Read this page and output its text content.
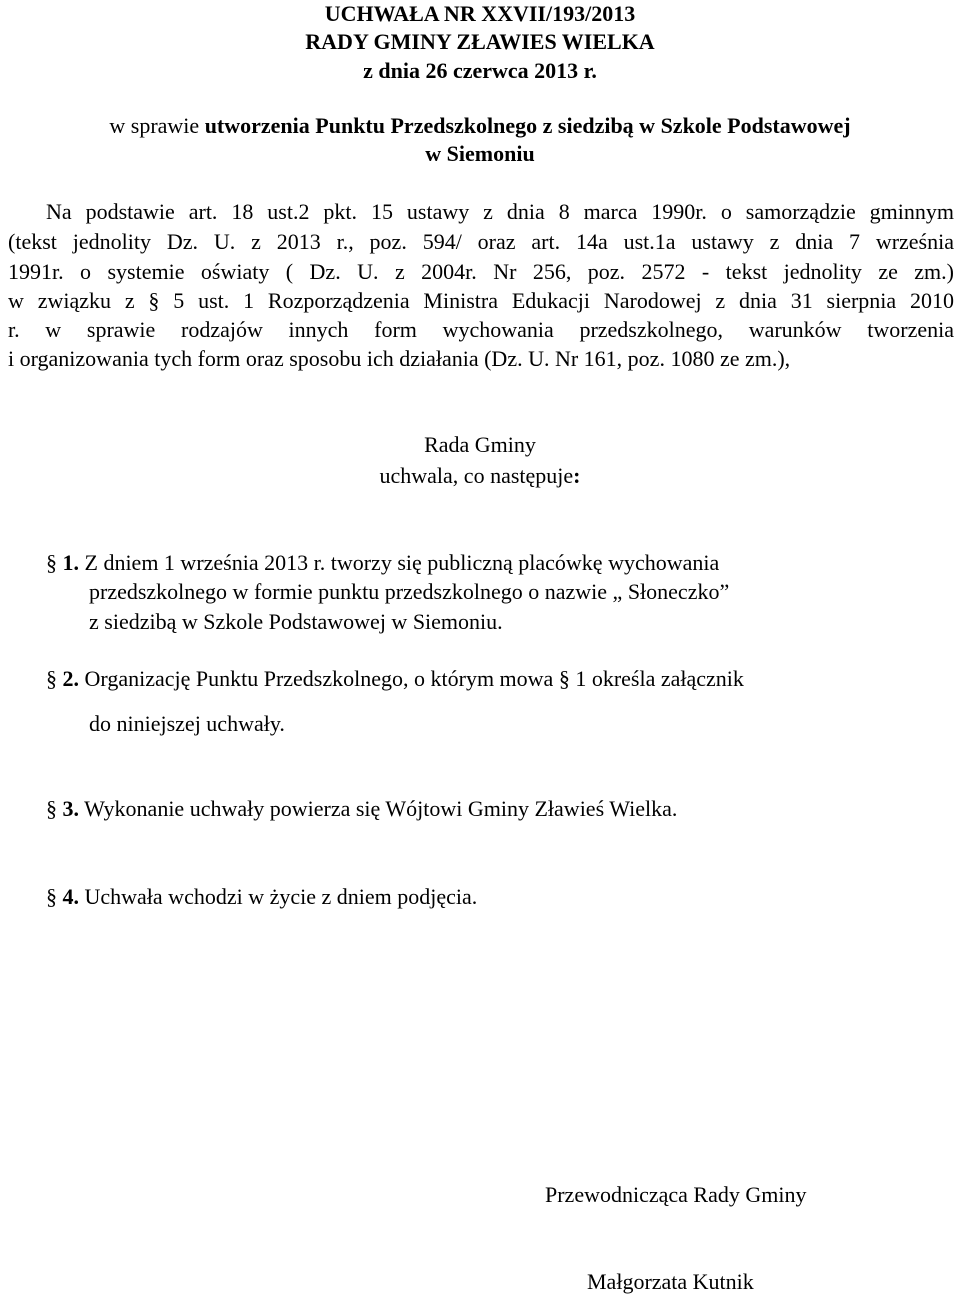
UCHWAŁA NR XXVII/193/2013
RADY GMINY ZŁAWIES WIELKA
z dnia 26 czerwca 2013 r.
w sprawie utworzenia Punktu Przedszkolnego z siedzibą w Szkole Podstawowej
w Siemoniu
Na podstawie art. 18 ust.2 pkt. 15 ustawy z dnia 8 marca 1990r. o samorządzie gminnym
(tekst jednolity Dz. U. z 2013 r., poz. 594/ oraz art. 14a ust.1a ustawy z dnia 7 września
1991r. o systemie oświaty ( Dz. U. z 2004r. Nr 256, poz. 2572 - tekst jednolity ze zm.)
w związku z § 5 ust. 1 Rozporządzenia Ministra Edukacji Narodowej z dnia 31 sierpnia 2010
r. w sprawie rodzajów innych form wychowania przedszkolnego, warunków tworzenia
i organizowania tych form oraz sposobu ich działania (Dz. U. Nr 161, poz. 1080 ze zm.),
Rada Gminy
uchwala, co następuje:
§ 1. Z dniem 1 września 2013 r. tworzy się publiczną placówkę wychowania
przedszkolnego w formie punktu przedszkolnego o nazwie „ Słoneczko”
z siedzibą w Szkole Podstawowej w Siemoniu.
§ 2. Organizację Punktu Przedszkolnego, o którym mowa § 1 określa załącznik
do niniejszej uchwały.
§ 3. Wykonanie uchwały powierza się Wójtowi Gminy Zławieś Wielka.
§ 4. Uchwała wchodzi w życie z dniem podjęcia.
Przewodnicząca Rady Gminy
Małgorzata Kutnik
